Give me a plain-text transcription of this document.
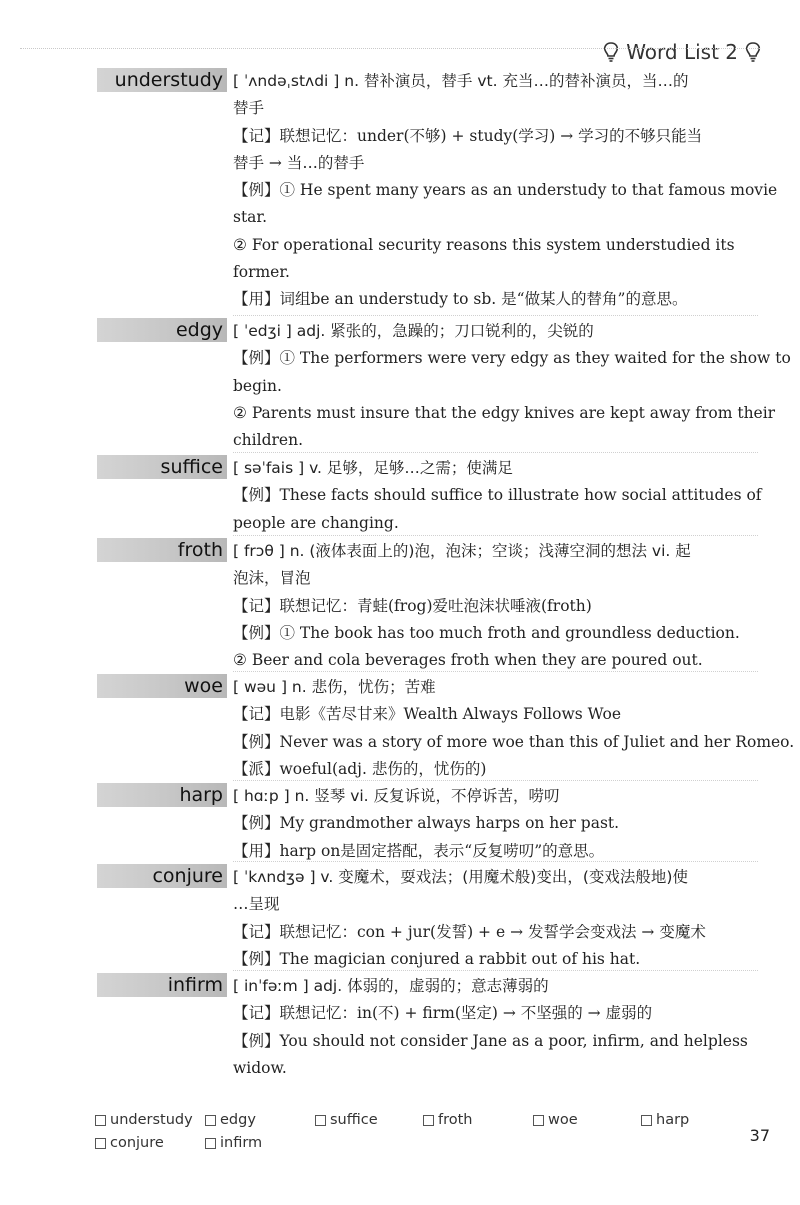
Word List 2
understudy [ ˈʌndəˌstʌdi ] n. 替补演员，替手 vt. 充当…的替补演员，当…的
替手
【记】联想记忆：under(不够) + study(学习) → 学习的不够只能当
替手 → 当…的替手
【例】① He spent many years as an understudy to that famous movie
star.
② For operational security reasons this system understudied its
former.
【用】词组be an understudy to sb. 是“做某人的替角”的意思。
edgy [ ˈedʒi ] adj. 紧张的，急躁的；刀口锐利的，尖锐的
【例】① The performers were very edgy as they waited for the show to
begin.
② Parents must insure that the edgy knives are kept away from their
children.
suffice [ səˈfais ] v. 足够，足够…之需；使满足
【例】These facts should suffice to illustrate how social attitudes of
people are changing.
froth [ frɔθ ] n. (液体表面上的)泡，泡沫；空谈；浅薄空洞的想法 vi. 起
泡沫，冒泡
【记】联想记忆：青蛙(frog)爱吐泡沫状唾液(froth)
【例】① The book has too much froth and groundless deduction.
② Beer and cola beverages froth when they are poured out.
woe [ wəu ] n. 悲伤，忧伤；苦难
【记】电影《苦尽甘来》Wealth Always Follows Woe
【例】Never was a story of more woe than this of Juliet and her Romeo.
【派】woeful(adj. 悲伤的，忧伤的)
harp [ hɑːp ] n. 竖琴 vi. 反复诉说，不停诉苦，唠叨
【例】My grandmother always harps on her past.
【用】harp on是固定搭配，表示“反复唠叨”的意思。
conjure [ ˈkʌndʒə ] v. 变魔术，耍戏法；(用魔术般)变出，(变戏法般地)使
…呈现
【记】联想记忆：con + jur(发誓) + e → 发誓学会变戏法 → 变魔术
【例】The magician conjured a rabbit out of his hat.
infirm [ inˈfəːm ] adj. 体弱的，虚弱的；意志薄弱的
【记】联想记忆：in(不) + firm(坚定) → 不坚强的 → 虚弱的
【例】You should not consider Jane as a poor, infirm, and helpless
widow.
understudy edgy	suffice	froth	woe	harp
conjure	infirm	37
